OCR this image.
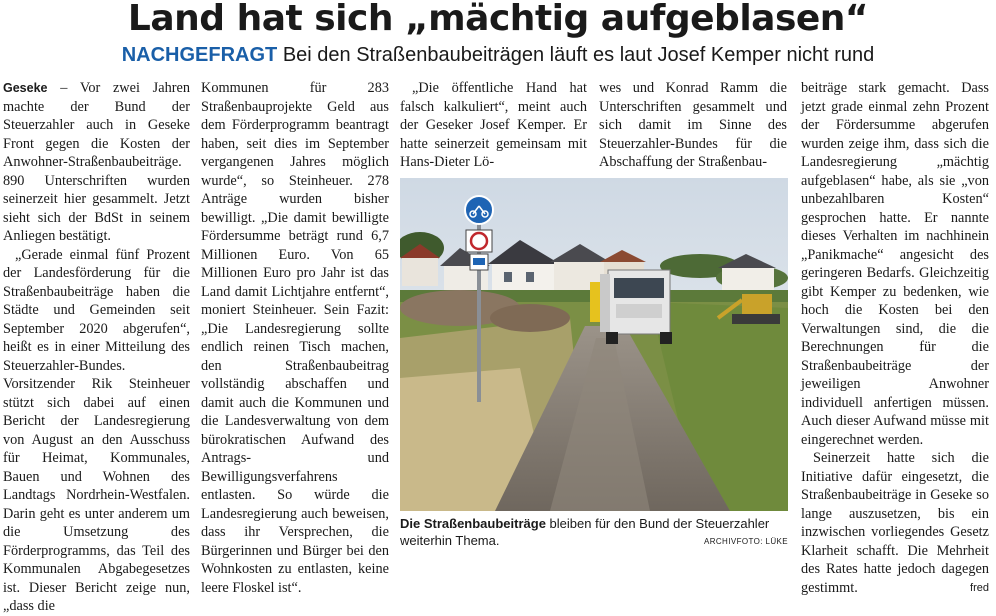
Land hat sich „mächtig aufgeblasen“
NACHGEFRAGT Bei den Straßenbaubeiträgen läuft es laut Josef Kemper nicht rund

Geseke – Vor zwei Jahren machte der Bund der Steuerzahler auch in Geseke Front gegen die Kosten der Anwohner-Straßenbaubeiträge. 890 Unterschriften wurden seinerzeit hier gesammelt. Jetzt sieht sich der BdSt in seinem Anliegen bestätigt.

„Gerade einmal fünf Prozent der Landesförderung für die Straßenbaubeiträge haben die Städte und Gemeinden seit September 2020 abgerufen“, heißt es in einer Mitteilung des Steuerzahler-Bundes. Vorsitzender Rik Steinheuer stützt sich dabei auf einen Bericht der Landesregierung von August an den Ausschuss für Heimat, Kommunales, Bauen und Wohnen des Landtags Nordrhein-Westfalen. Darin geht es unter anderem um die Umsetzung des Förderprogramms, das Teil des Kommunalen Abgabegesetzes ist. Dieser Bericht zeige nun, „dass die

Kommunen für 283 Straßenbauprojekte Geld aus dem Förderprogramm beantragt haben, seit dies im September vergangenen Jahres möglich wurde“, so Steinheuer. 278 Anträge wurden bisher bewilligt. „Die damit bewilligte Fördersumme beträgt rund 6,7 Millionen Euro. Von 65 Millionen Euro pro Jahr ist das Land damit Lichtjahre entfernt“, moniert Steinheuer. Sein Fazit: „Die Landesregierung sollte endlich reinen Tisch machen, den Straßenbaubeitrag vollständig abschaffen und damit auch die Kommunen und die Landesverwaltung von dem bürokratischen Aufwand des Antrags- und Bewilligungsverfahrens entlasten. So würde die Landesregierung auch beweisen, dass ihr Versprechen, die Bürgerinnen und Bürger bei den Wohnkosten zu entlasten, keine leere Floskel ist“.

„Die öffentliche Hand hat falsch kalkuliert“, meint auch der Geseker Josef Kemper. Er hatte seinerzeit gemeinsam mit Hans-Dieter Lö-

wes und Konrad Ramm die Unterschriften gesammelt und sich damit im Sinne des Steuerzahler-Bundes für die Abschaffung der Straßenbau-

beiträge stark gemacht. Dass jetzt grade einmal zehn Prozent der Fördersumme abgerufen wurden zeige ihm, dass sich die Landesregierung „mächtig aufgeblasen“ habe, als sie „von unbezahlbaren Kosten“ gesprochen hatte. Er nannte dieses Verhalten im nachhinein „Panikmache“ angesicht des geringeren Bedarfs. Gleichzeitig gibt Kemper zu bedenken, wie hoch die Kosten bei den Verwaltungen sind, die die Berechnungen für die Straßenbaubeiträge der jeweiligen Anwohner individuell anfertigen müssen. Auch dieser Aufwand müsse mit eingerechnet werden.

Seinerzeit hatte sich die Initiative dafür eingesetzt, die Straßenbaubeiträge in Geseke so lange auszusetzen, bis ein inzwischen vorliegendes Gesetz Klarheit schafft. Die Mehrheit des Rates hatte jedoch dagegen gestimmt.	fred

Die Straßenbaubeiträge bleiben für den Bund der Steuerzahler weiterhin Thema.	ARCHIVFOTO: LÜKE
